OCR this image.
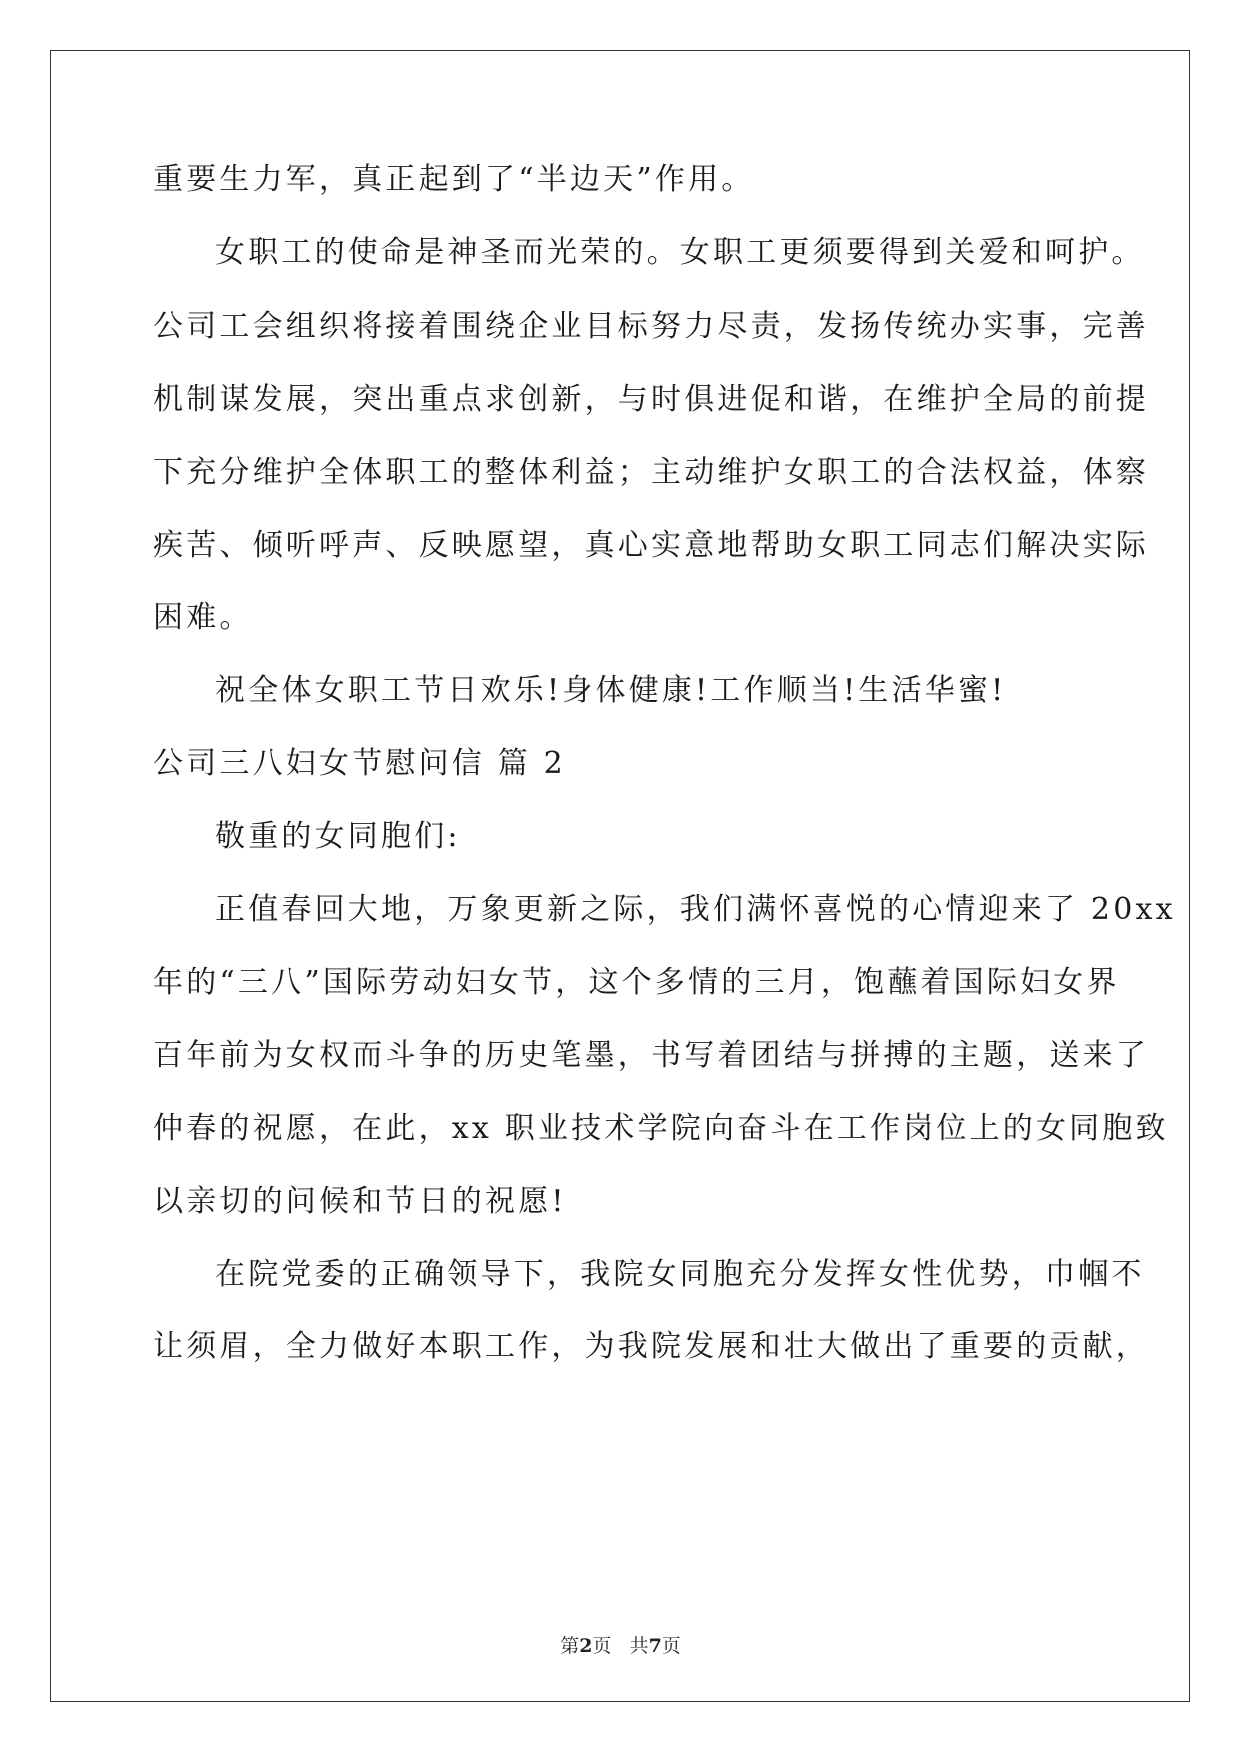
重要生力军，真正起到了“半边天”作用。
女职工的使命是神圣而光荣的。女职工更须要得到关爱和呵护。
公司工会组织将接着围绕企业目标努力尽责，发扬传统办实事，完善
机制谋发展，突出重点求创新，与时俱进促和谐，在维护全局的前提
下充分维护全体职工的整体利益；主动维护女职工的合法权益，体察
疾苦、倾听呼声、反映愿望，真心实意地帮助女职工同志们解决实际
困难。
祝全体女职工节日欢乐!身体健康!工作顺当!生活华蜜!
公司三八妇女节慰问信 篇 2
敬重的女同胞们:
正值春回大地，万象更新之际，我们满怀喜悦的心情迎来了 20xx
年的“三八”国际劳动妇女节，这个多情的三月，饱蘸着国际妇女界
百年前为女权而斗争的历史笔墨，书写着团结与拼搏的主题，送来了
仲春的祝愿，在此，xx 职业技术学院向奋斗在工作岗位上的女同胞致
以亲切的问候和节日的祝愿!
在院党委的正确领导下，我院女同胞充分发挥女性优势，巾帼不
让须眉，全力做好本职工作，为我院发展和壮大做出了重要的贡献，
第2页   共7页
